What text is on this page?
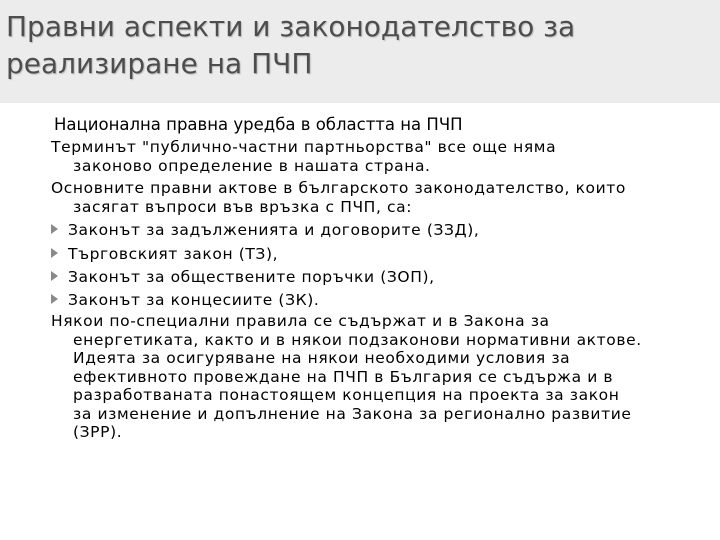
Правни аспекти и законодателство за
реализиране на ПЧП
Национална правна уредба в областта на ПЧП
Терминът "публично-частни партньорства" все още няма
законово определение в нашата страна.
Основните правни актове в българското законодателство, които
засягат въпроси във връзка с ПЧП, са:
Законът за задълженията и договорите (ЗЗД),
Търговският закон (ТЗ),
Законът за обществените поръчки (ЗОП),
Законът за концесиите (ЗК).
Някои по-специални правила се съдържат и в Закона за
енергетиката, както и в някои подзаконови нормативни актове.
Идеята за осигуряване на някои необходими условия за
ефективното провеждане на ПЧП в България се съдържа и в
разработваната понастоящем концепция на проекта за закон
за изменение и допълнение на Закона за регионално развитие
(ЗРР).
